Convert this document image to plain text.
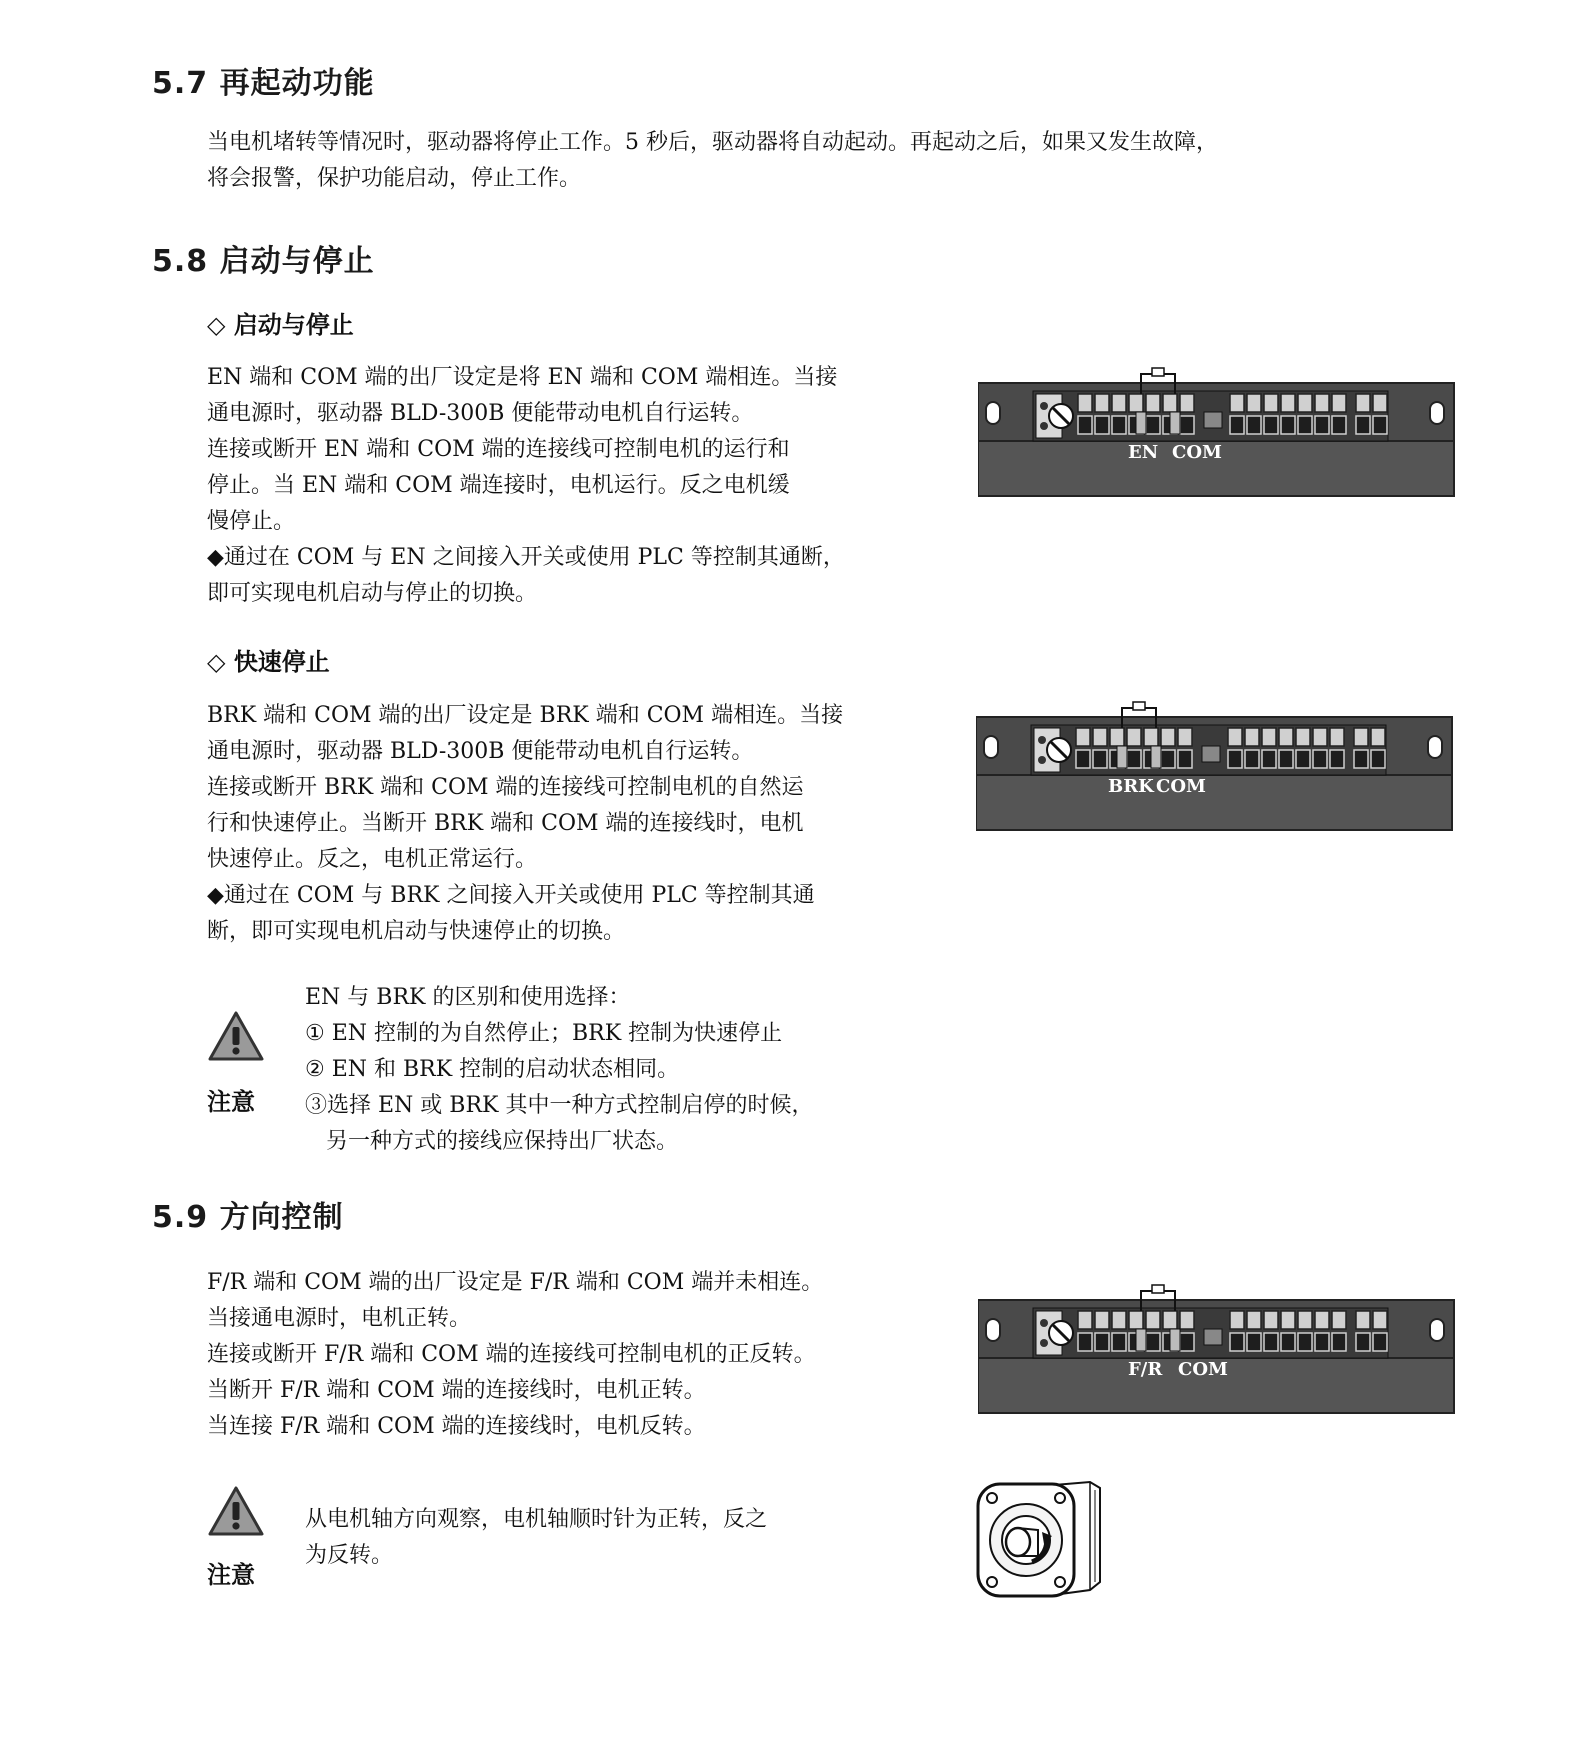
5.7 再起动功能
当电机堵转等情况时，驱动器将停止工作。5 秒后，驱动器将自动起动。再起动之后，如果又发生故障，
将会报警，保护功能启动，停止工作。
5.8 启动与停止
◇ 启动与停止
EN 端和 COM 端的出厂设定是将 EN 端和 COM 端相连。当接
通电源时，驱动器 BLD-300B 便能带动电机自行运转。
连接或断开 EN 端和 COM 端的连接线可控制电机的运行和
停止。当 EN 端和 COM 端连接时，电机运行。反之电机缓
慢停止。
◆通过在 COM 与 EN 之间接入开关或使用 PLC 等控制其通断，
即可实现电机启动与停止的切换。
EN COM
◇ 快速停止
BRK 端和 COM 端的出厂设定是 BRK 端和 COM 端相连。当接
通电源时，驱动器 BLD-300B 便能带动电机自行运转。
连接或断开 BRK 端和 COM 端的连接线可控制电机的自然运
行和快速停止。当断开 BRK 端和 COM 端的连接线时，电机
快速停止。反之，电机正常运行。
◆通过在 COM 与 BRK 之间接入开关或使用 PLC 等控制其通
断，即可实现电机启动与快速停止的切换。
BRK COM
注意
EN 与 BRK 的区别和使用选择：
① EN 控制的为自然停止；BRK 控制为快速停止
② EN 和 BRK 控制的启动状态相同。
③选择 EN 或 BRK 其中一种方式控制启停的时候，
另一种方式的接线应保持出厂状态。
5.9 方向控制
F/R 端和 COM 端的出厂设定是 F/R 端和 COM 端并未相连。
当接通电源时，电机正转。
连接或断开 F/R 端和 COM 端的连接线可控制电机的正反转。
当断开 F/R 端和 COM 端的连接线时，电机正转。
当连接 F/R 端和 COM 端的连接线时，电机反转。
F/R COM
注意
从电机轴方向观察，电机轴顺时针为正转，反之
为反转。
